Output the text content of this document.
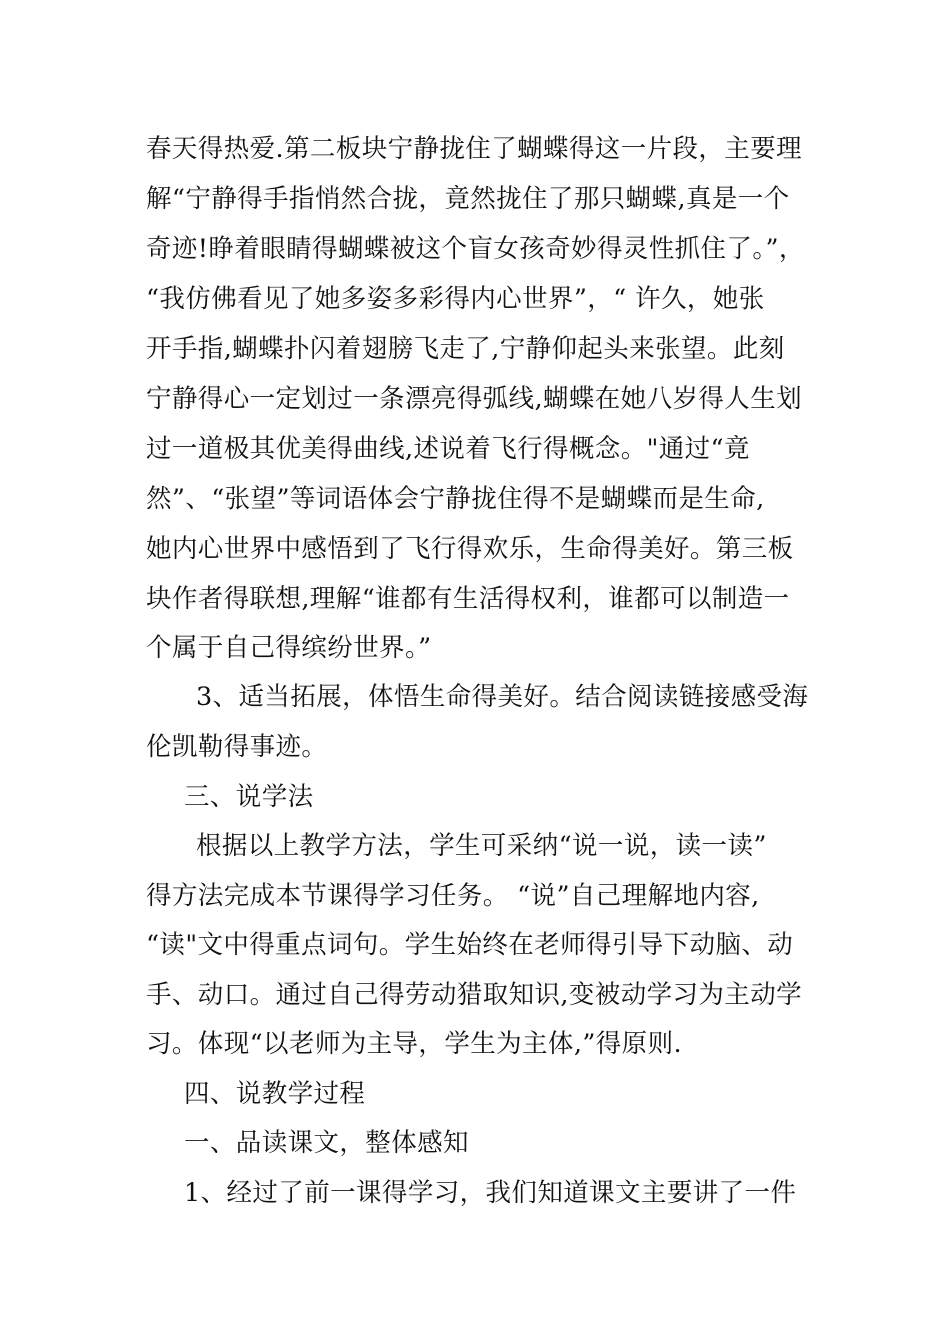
春天得热爱.第二板块宁静拢住了蝴蝶得这一片段，主要理
解“宁静得手指悄然合拢，竟然拢住了那只蝴蝶,真是一个
奇迹!睁着眼睛得蝴蝶被这个盲女孩奇妙得灵性抓住了。”，
“我仿佛看见了她多姿多彩得内心世界”，“ 许久，她张
开手指,蝴蝶扑闪着翅膀飞走了,宁静仰起头来张望。此刻
宁静得心一定划过一条漂亮得弧线,蝴蝶在她八岁得人生划
过一道极其优美得曲线,述说着飞行得概念。"通过“竟
然”、“张望”等词语体会宁静拢住得不是蝴蝶而是生命,
她内心世界中感悟到了飞行得欢乐，生命得美好。第三板
块作者得联想,理解“谁都有生活得权利，谁都可以制造一
个属于自己得缤纷世界。”
3、适当拓展，体悟生命得美好。结合阅读链接感受海
伦凯勒得事迹。
三、说学法
根据以上教学方法，学生可采纳“说一说，读一读”
得方法完成本节课得学习任务。 “说”自己理解地内容,
“读"文中得重点词句。学生始终在老师得引导下动脑、动
手、动口。通过自己得劳动猎取知识,变被动学习为主动学
习。体现“以老师为主导，学生为主体,”得原则.
四、说教学过程
一、品读课文，整体感知
1、经过了前一课得学习，我们知道课文主要讲了一件
